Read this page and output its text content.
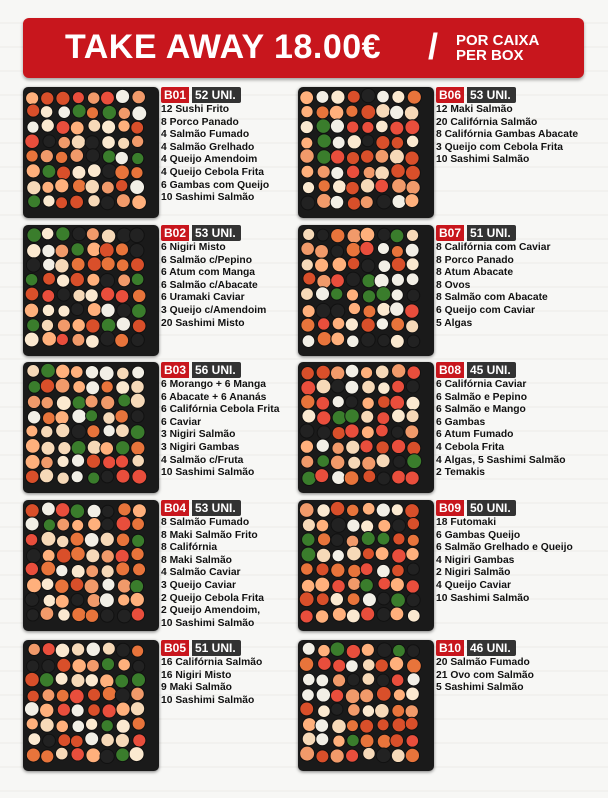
TAKE AWAY 18.00€ / POR CAIXA
PER BOX
B01 52 UNI.
12 Sushi Frito
8 Porco Panado
4 Salmão Fumado
4 Salmão Grelhado
4 Queijo Amendoim
4 Queijo Cebola Frita
6 Gambas com Queijo
10 Sashimi Salmão
B06 53 UNI.
12 Maki Salmão
20 Califórnia Salmão
8 Califórnia Gambas Abacate
3 Queijo com Cebola Frita
10 Sashimi Salmão
B02 53 UNI.
6 Nigiri Misto
6 Salmão c/Pepino
6 Atum com Manga
6 Salmão c/Abacate
6 Uramaki Caviar
3 Queijo c/Amendoim
20 Sashimi Misto
B07 51 UNI.
8 Califórnia com Caviar
8 Porco Panado
8 Atum Abacate
8 Ovos
8 Salmão com Abacate
6 Queijo com Caviar
5 Algas
B03 56 UNI.
6 Morango + 6 Manga
6 Abacate + 6 Ananás
6 Califórnia Cebola Frita
6 Caviar
3 Nigiri Salmão
3 Nigiri Gambas
4 Salmão c/Fruta
10 Sashimi Salmão
B08 45 UNI.
6 Califórnia Caviar
6 Salmão e Pepino
6 Salmão e Mango
6 Gambas
6 Atum Fumado
4 Cebola Frita
4 Algas, 5 Sashimi Salmão
2 Temakis
B04 53 UNI.
8 Salmão Fumado
8 Maki Salmão Frito
8 Califórnia
8 Maki Salmão
4 Salmão Caviar
3 Queijo Caviar
2 Queijo Cebola Frita
2 Queijo Amendoim,
10 Sashimi Salmão
B09 50 UNI.
18 Futomaki
6 Gambas Queijo
6 Salmão Grelhado e Queijo
4 Nigiri Gambas
2 Nigiri Salmão
4 Queijo Caviar
10 Sashimi Salmão
B05 51 UNI.
16 Califórnia Salmão
16 Nigiri Misto
9 Maki Salmão
10 Sashimi Salmão
B10 46 UNI.
20 Salmão Fumado
21 Ovo com Salmão
5 Sashimi Salmão
